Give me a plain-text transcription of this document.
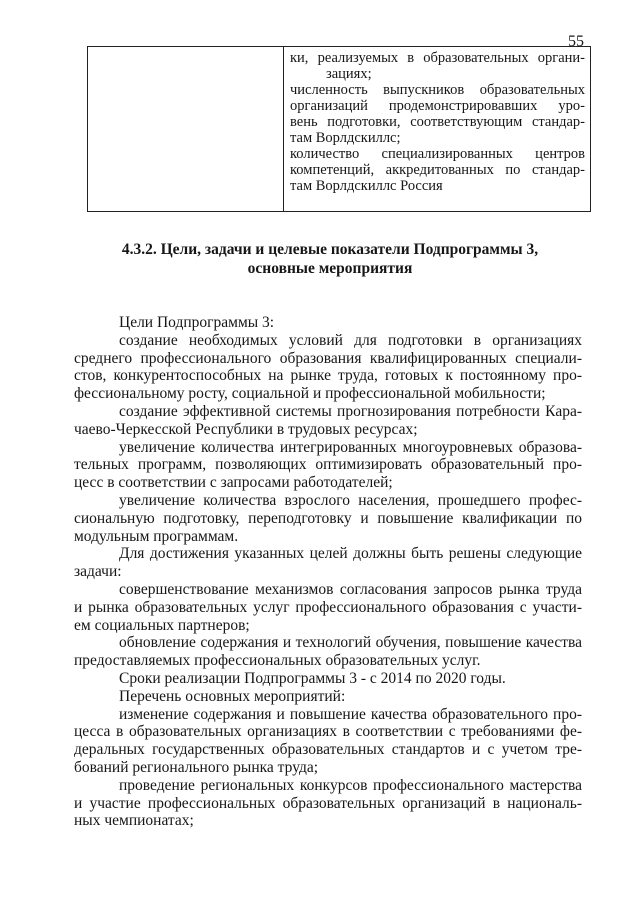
55

ки, реализуемых в образовательных органи-
зациях;
численность выпускников образовательных
организаций продемонстрировавших уро-
вень подготовки, соответствующим стандар-
там Ворлдскиллс;
количество специализированных центров
компетенций, аккредитованных по стандар-
там Ворлдскиллс Россия
4.3.2. Цели, задачи и целевые показатели Подпрограммы 3,
основные мероприятия
Цели Подпрограммы 3:
создание необходимых условий для подготовки в организациях
среднего профессионального образования квалифицированных специали-
стов, конкурентоспособных на рынке труда, готовых к постоянному про-
фессиональному росту, социальной и профессиональной мобильности;
создание эффективной системы прогнозирования потребности Кара-
чаево-Черкесской Республики в трудовых ресурсах;
увеличение количества интегрированных многоуровневых образова-
тельных программ, позволяющих оптимизировать образовательный про-
цесс в соответствии с запросами работодателей;
увеличение количества взрослого населения, прошедшего профес-
сиональную подготовку, переподготовку и повышение квалификации по
модульным программам.
Для достижения указанных целей должны быть решены следующие
задачи:
совершенствование механизмов согласования запросов рынка труда
и рынка образовательных услуг профессионального образования с участи-
ем социальных партнеров;
обновление содержания и технологий обучения, повышение качества
предоставляемых профессиональных образовательных услуг.
Сроки реализации Подпрограммы 3 - с 2014 по 2020 годы.
Перечень основных мероприятий:
изменение содержания и повышение качества образовательного про-
цесса в образовательных организациях в соответствии с требованиями фе-
деральных государственных образовательных стандартов и с учетом тре-
бований регионального рынка труда;
проведение региональных конкурсов профессионального мастерства
и участие профессиональных образовательных организаций в националь-
ных чемпионатах;
